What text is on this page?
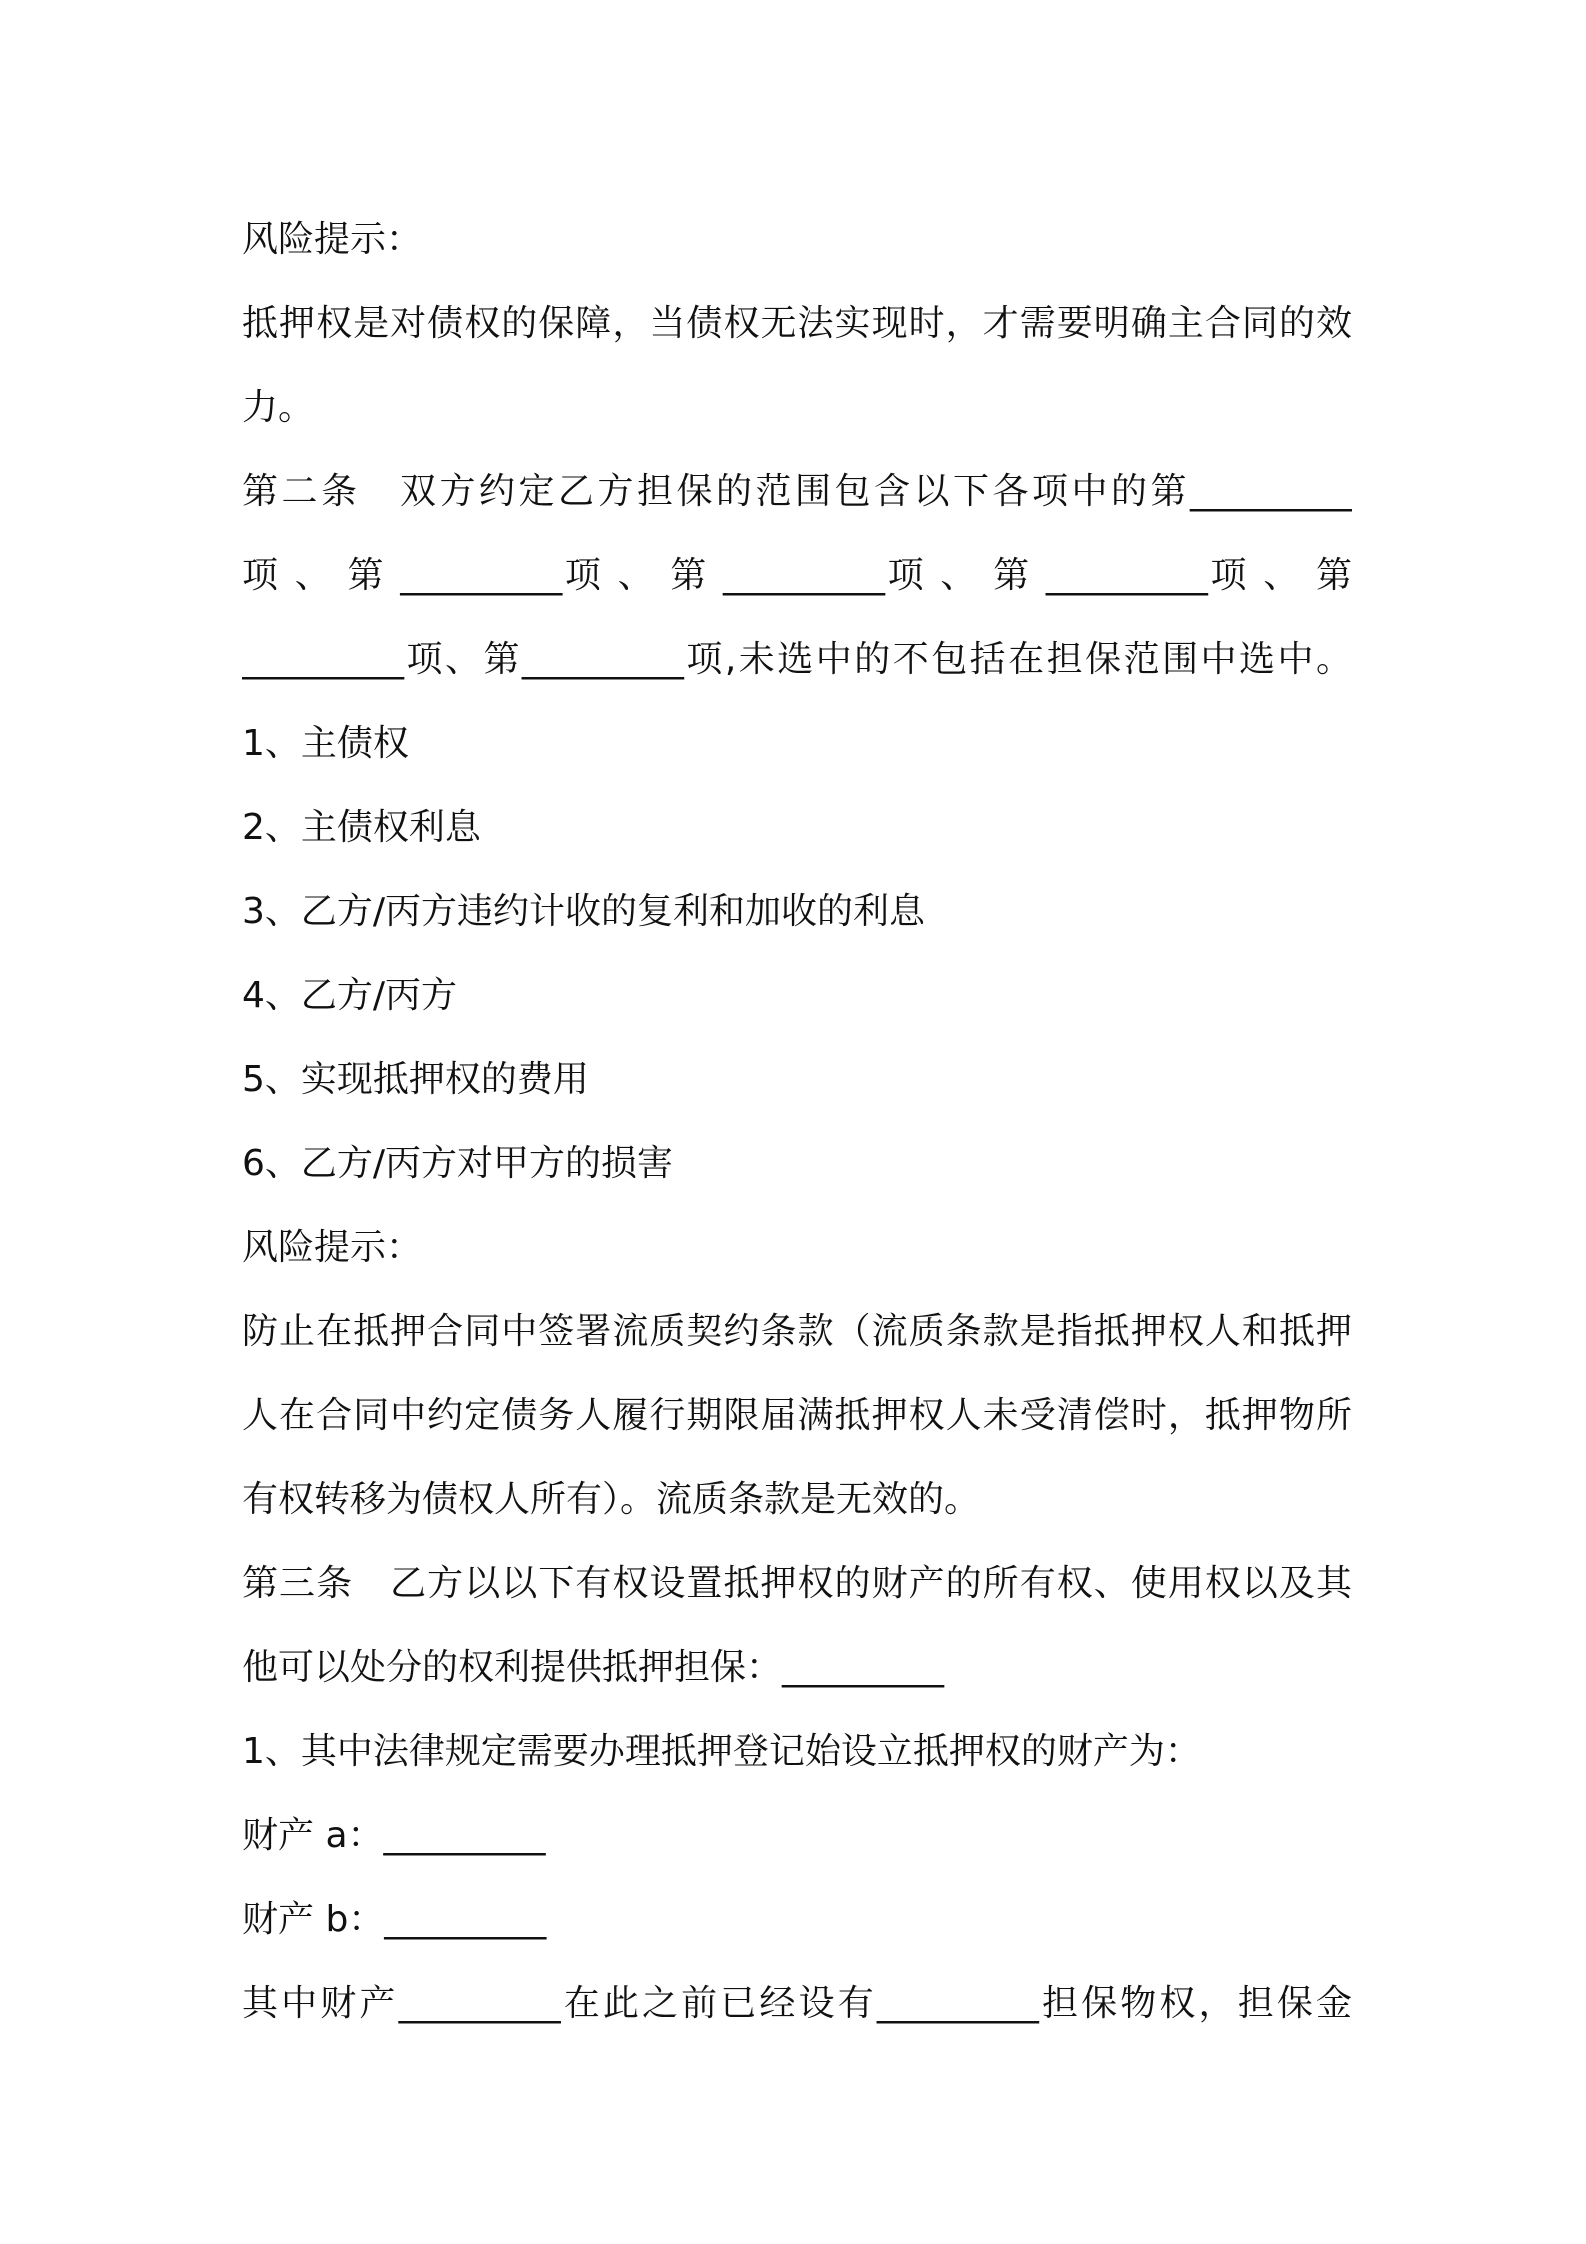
风险提示：
抵押权是对债权的保障，当债权无法实现时，才需要明确主合同的效
力。
第二条　双方约定乙方担保的范围包含以下各项中的第_________
项 、 第 _________项 、 第 _________项 、 第 _________项 、 第
_________项、第_________项,未选中的不包括在担保范围中选中。
1、主债权
2、主债权利息
3、乙方/丙方违约计收的复利和加收的利息
4、乙方/丙方
5、实现抵押权的费用
6、乙方/丙方对甲方的损害
风险提示：
防止在抵押合同中签署流质契约条款（流质条款是指抵押权人和抵押
人在合同中约定债务人履行期限届满抵押权人未受清偿时，抵押物所
有权转移为债权人所有）。流质条款是无效的。
第三条　乙方以以下有权设置抵押权的财产的所有权、使用权以及其
他可以处分的权利提供抵押担保：_________
1、其中法律规定需要办理抵押登记始设立抵押权的财产为：
财产 a：_________
财产 b：_________
其中财产_________在此之前已经设有_________担保物权，担保金
